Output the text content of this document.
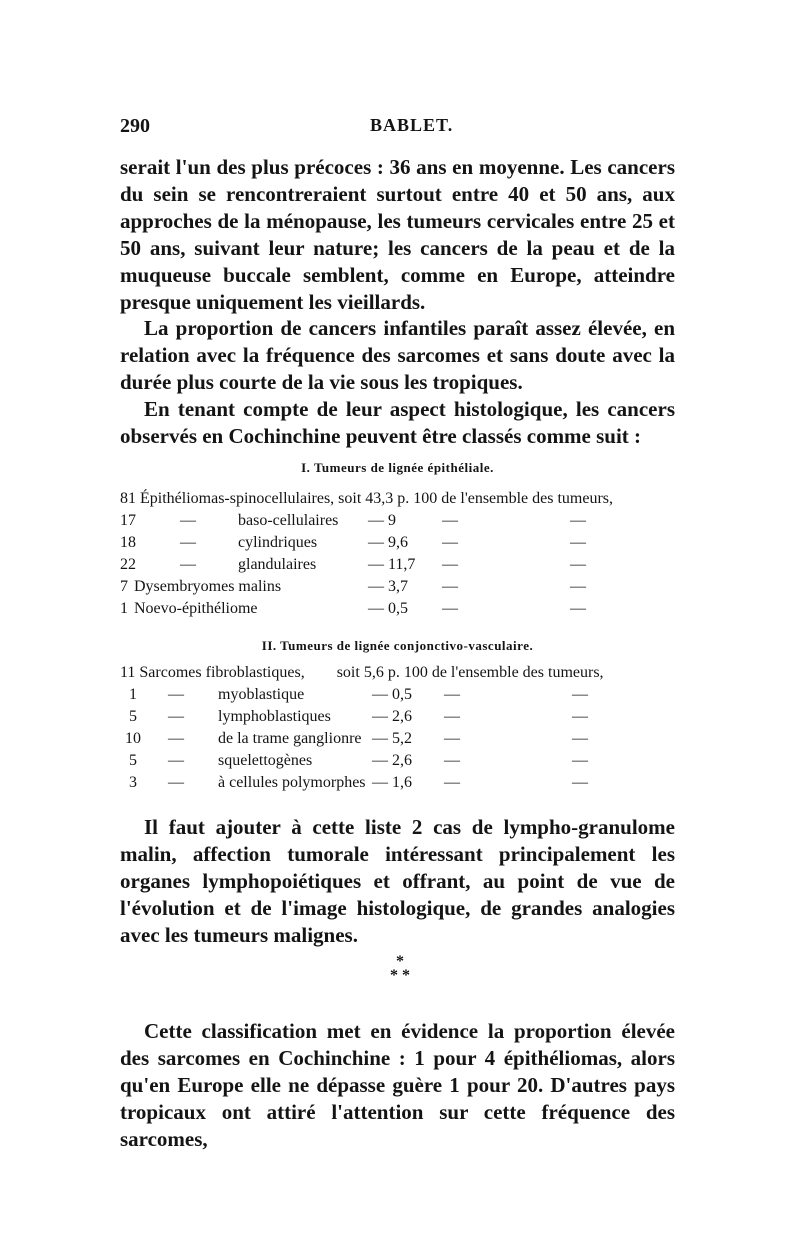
290	BABLET.

serait l'un des plus précoces : 36 ans en moyenne. Les cancers du sein se rencontreraient surtout entre 40 et 50 ans, aux approches de la ménopause, les tumeurs cervicales entre 25 et 50 ans, suivant leur nature; les cancers de la peau et de la muqueuse buccale semblent, comme en Europe, atteindre presque uniquement les vieillards.

La proportion de cancers infantiles paraît assez élevée, en relation avec la fréquence des sarcomes et sans doute avec la durée plus courte de la vie sous les tropiques.

En tenant compte de leur aspect histologique, les cancers observés en Cochinchine peuvent être classés comme suit :

I. Tumeurs de lignée épithéliale.
81 Épithéliomas-spinocellulaires, soit 43,3 p. 100 de l'ensemble des tumeurs,
17	—	baso-cellulaires — 9	—	—
18	—	cylindriques	— 9,6 —	—
22	—	glandulaires	— 11,7 —	—
7 Dysembryomes malins	— 3,7 —	—
1 Noevo-épithéliome	— 0,5 —	—
II. Tumeurs de lignée conjonctivo-vasculaire.
11 Sarcomes fibroblastiques,        soit 5,6 p. 100 de l'ensemble des tumeurs,
1	— myoblastique	— 0,5 —	—
5	— lymphoblastiques	— 2,6 —	—
10	— de la trame ganglionre — 5,2 —	—
5	— squelettogènes	— 2,6 —	—
3	— à cellules polymorphes — 1,6 —	—

Il faut ajouter à cette liste 2 cas de lympho-granulome malin, affection tumorale intéressant principalement les organes lymphopoiétiques et offrant, au point de vue de l'évolution et de l'image histologique, de grandes analogies avec les tumeurs malignes.

*
* *

Cette classification met en évidence la proportion élevée des sarcomes en Cochinchine : 1 pour 4 épithéliomas, alors qu'en Europe elle ne dépasse guère 1 pour 20. D'autres pays tropicaux ont attiré l'attention sur cette fréquence des sarcomes,
